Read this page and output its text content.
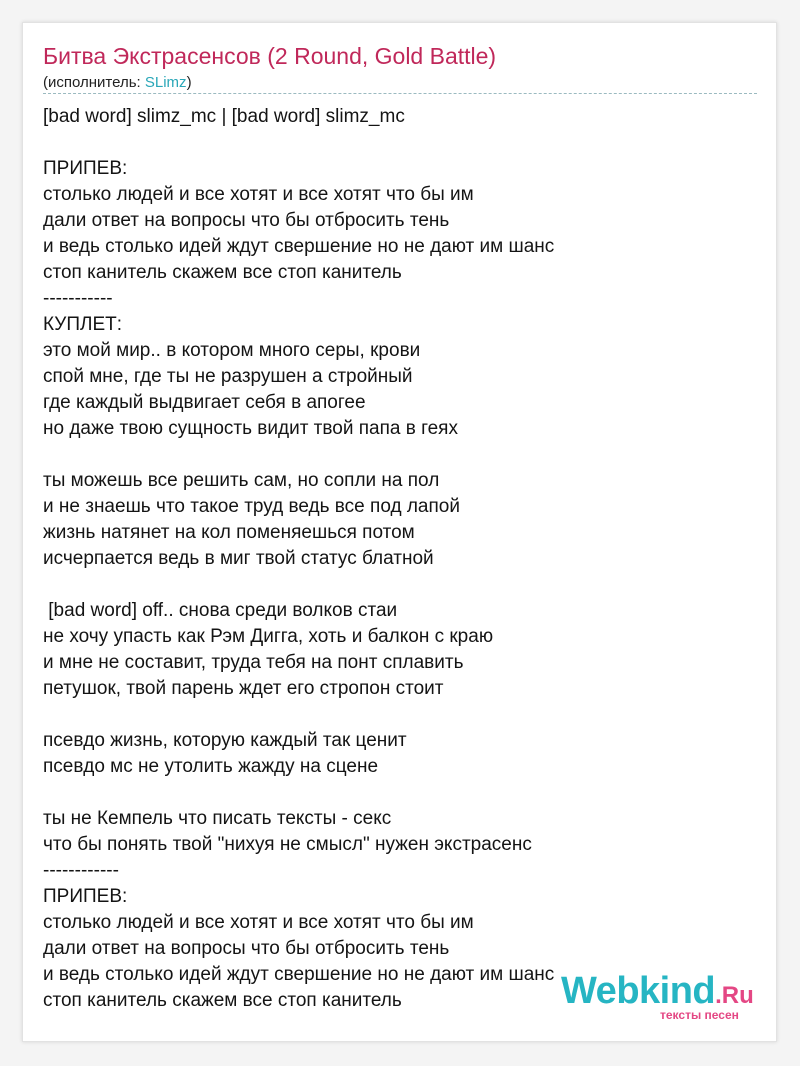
Битва Экстрасенсов (2 Round, Gold Battle)
(исполнитель: SLimz)
[bad word] slimz_mc | [bad word] slimz_mc

ПРИПЕВ:
столько людей и все хотят и все хотят что бы им
дали ответ на вопросы что бы отбросить тень
и ведь столько идей ждут свершение но не дают им шанс
стоп канитель скажем все стоп канитель
-----------
КУПЛЕТ:
это мой мир.. в котором много серы, крови
спой мне, где ты не разрушен а стройный
где каждый выдвигает себя в апогее
но даже твою сущность видит твой папа в геях

ты можешь все решить сам, но сопли на пол
и не знаешь что такое труд ведь все под лапой
жизнь натянет на кол поменяешься потом
исчерпается ведь в миг твой статус блатной

[bad word] off.. снова среди волков стаи
не хочу упасть как Рэм Дигга, хоть и балкон с краю
и мне не составит, труда тебя на понт сплавить
петушок, твой парень ждет его стропон стоит

псевдо жизнь, которую каждый так ценит
псевдо мс не утолить жажду на сцене

ты не Кемпель что писать тексты - секс
что бы понять твой "нихуя не смысл" нужен экстрасенс
------------
ПРИПЕВ:
столько людей и все хотят и все хотят что бы им
дали ответ на вопросы что бы отбросить тень
и ведь столько идей ждут свершение но не дают им шанс
стоп канитель скажем все стоп канитель	Webkind.Ru
тексты песен
